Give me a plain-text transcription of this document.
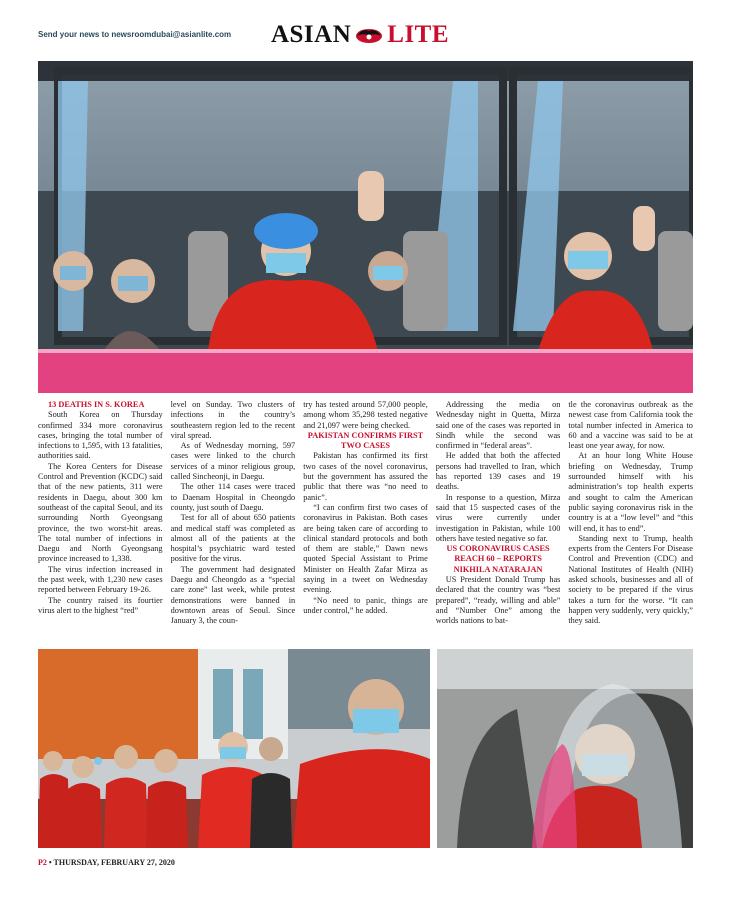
Send your news to newsroomdubai@asianlite.com ASIAN LITE
13 DEATHS IN S. KOREA

South Korea on Thursday confirmed 334 more coronavirus cases, bringing the total number of infections to 1,595, with 13 fatalities, authorities said.

The Korea Centers for Disease Control and Prevention (KCDC) said that of the new patients, 311 were residents in Daegu, about 300 km southeast of the capital Seoul, and its surrounding North Gyeongsang province, the two worst-hit areas. The total number of infections in Daegu and North Gyeongsang province increased to 1,338.

The virus infection increased in the past week, with 1,230 new cases reported between February 19-26.

The country raised its fourtier virus alert to the highest “red”

level on Sunday. Two clusters of infections in the country’s southeastern region led to the recent viral spread.

As of Wednesday morning, 597 cases were linked to the church services of a minor religious group, called Sincheonji, in Daegu.

The other 114 cases were traced to Daenam Hospital in Cheongdo county, just south of Daegu.

Test for all of about 650 patients and medical staff was completed as almost all of the patients at the hospital’s psychiatric ward tested positive for the virus.

The government had designated Daegu and Cheongdo as a “special care zone” last week, while protest demonstrations were banned in downtown areas of Seoul. Since January 3, the coun-

try has tested around 57,000 people, among whom 35,298 tested negative and 21,097 were being checked.

PAKISTAN CONFIRMS FIRST TWO CASES

Pakistan has confirmed its first two cases of the novel coronavirus, but the government has assured the public that there was “no need to panic”.

“I can confirm first two cases of coronavirus in Pakistan. Both cases are being taken care of according to clinical standard protocols and both of them are stable,” Dawn news quoted Special Assistant to Prime Minister on Health Zafar Mirza as saying in a tweet on Wednesday evening.

“No need to panic, things are under control,” he added.

Addressing the media on Wednesday night in Quetta, Mirza said one of the cases was reported in Sindh while the second was confirmed in “federal areas”.

He added that both the affected persons had travelled to Iran, which has reported 139 cases and 19 deaths.

In response to a question, Mirza said that 15 suspected cases of the virus were currently under investigation in Pakistan, while 100 others have tested negative so far.

US CORONAVIRUS CASES REACH 60 – REPORTS
NIKHILA NATARAJAN

US President Donald Trump has declared that the country was “best prepared”, “ready, willing and able” and “Number One” among the worlds nations to bat-

tle the coronavirus outbreak as the newest case from California took the total number infected in America to 60 and a vaccine was said to be at least one year away, for now.

At an hour long White House briefing on Wednesday, Trump surrounded himself with his administration’s top health experts and sought to calm the American public saying coronavirus risk in the country is at a “low level” and “this will end, it has to end”.

Standing next to Trump, health experts from the Centers For Disease Control and Prevention (CDC) and National Institutes of Health (NIH) asked schools, businesses and all of society to be prepared if the virus takes a turn for the worse. “It can happen very suddenly, very quickly,” they said.

P2 • THURSDAY, FEBRUARY 27, 2020
